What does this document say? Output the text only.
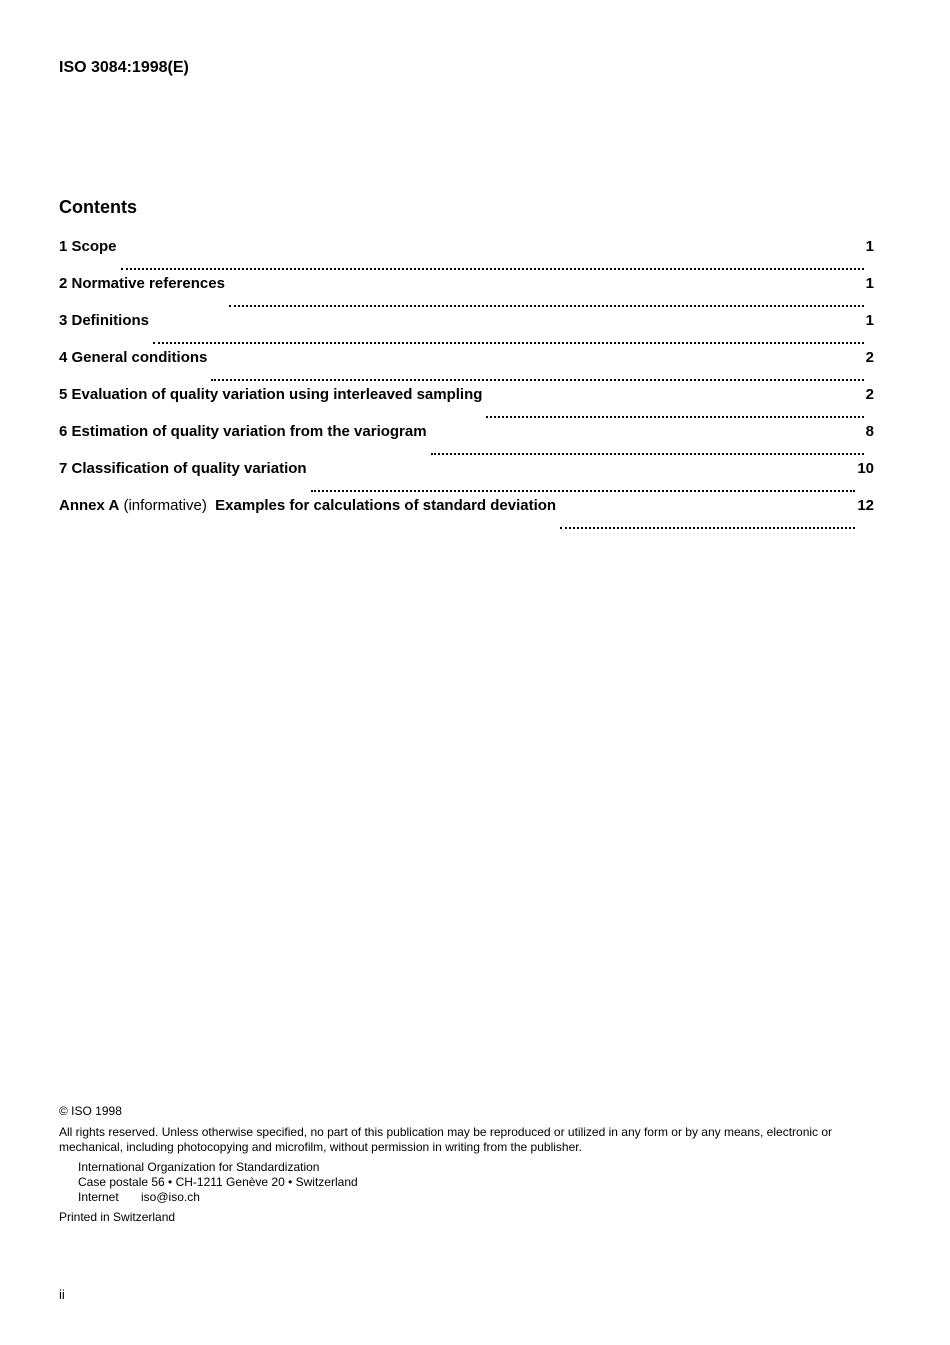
ISO 3084:1998(E)
Contents
1 Scope	1
2 Normative references	1
3 Definitions	1
4 General conditions	2
5 Evaluation of quality variation using interleaved sampling	2
6 Estimation of quality variation from the variogram	8
7 Classification of quality variation	10
Annex A (informative) Examples for calculations of standard deviation	12
© ISO 1998
All rights reserved. Unless otherwise specified, no part of this publication may be reproduced or utilized in any form or by any means, electronic or mechanical, including photocopying and microfilm, without permission in writing from the publisher.
International Organization for Standardization
Case postale 56 • CH-1211 Genève 20 • Switzerland
Internet iso@iso.ch
Printed in Switzerland
ii
